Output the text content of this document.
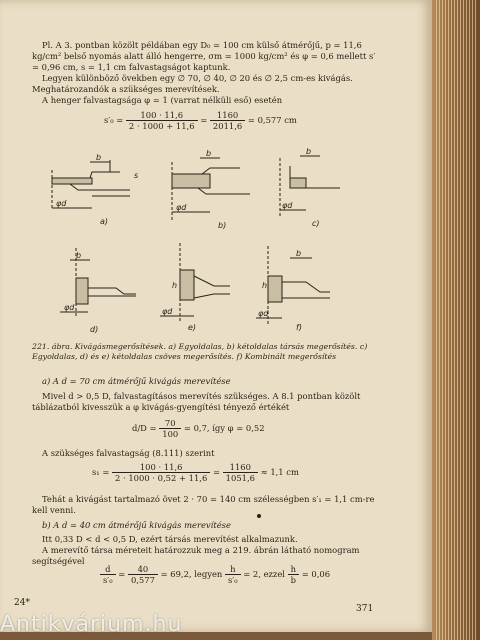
Pl. A 3. pontban közölt példában egy D₀ = 100 cm külső átmérőjű, p = 11,6 kg/cm² belső nyomás alatt álló hengerre, σm = 1000 kg/cm² és φ = 0,6 mellett s′ = 0,96 cm, s = 1,1 cm falvastagságot kaptunk.

Legyen különböző övekben egy ∅ 70, ∅ 40, ∅ 20 és ∅ 2,5 cm-es kivágás. Meghatározandók a szükséges merevítések.

A henger falvastagsága φ = 1 (varrat nélküli eső) esetén

$s'_0 = \frac{100 \cdot 11,6}{2 \cdot 1000 + 11,6} = \frac{1160}{2011,6} = 0,577$ cm
a)	b)	c)
d)	e)	f)
b	b	b
b	b
s
h	h
φd	φd	φd
φd	φd	φd
221. ábra. Kivágásmegerősítések. a) Egyoldalas, b) kétoldalas társás megerősítés. c) Egyoldalas, d) és e) kétoldalas csöves megerősítés. f) Kombinált megerősítés

a) A d = 70 cm átmérőjű kivágás merevítése

Mivel d > 0,5 D, falvastagításos merevítés szükséges. A 8.1 pontban közölt táblázatból kivesszük a φ kivágás-gyengítési tényező értékét

$d/D = \frac{70}{100} = 0,7$, így φ = 0,52

A szükséges falvastagság (8.111) szerint

$s_1 = \frac{100 \cdot 11,6}{2 \cdot 1000 \cdot 0,52 + 11,6} = \frac{1160}{1051,6} \approx 1,1$ cm

Tehát a kivágást tartalmazó övet 2 · 70 = 140 cm szélességben s′₁ = 1,1 cm-re kell venni.

b) A d = 40 cm átmérőjű kivágás merevítése

Itt 0,33 D < d < 0,5 D, ezért társás merevítést alkalmazunk.

A merevítő társa méreteit határozzuk meg a 219. ábrán látható nomogram segítségével

$\frac{d}{\text{s′₀}} = \frac{40}{0,577} = 69,2$, legyen $\frac{h}{\text{s′₀}} = 2$, ezzel $\frac{h}{b} = 0,06$
24*
371
Antikvárium.hu
